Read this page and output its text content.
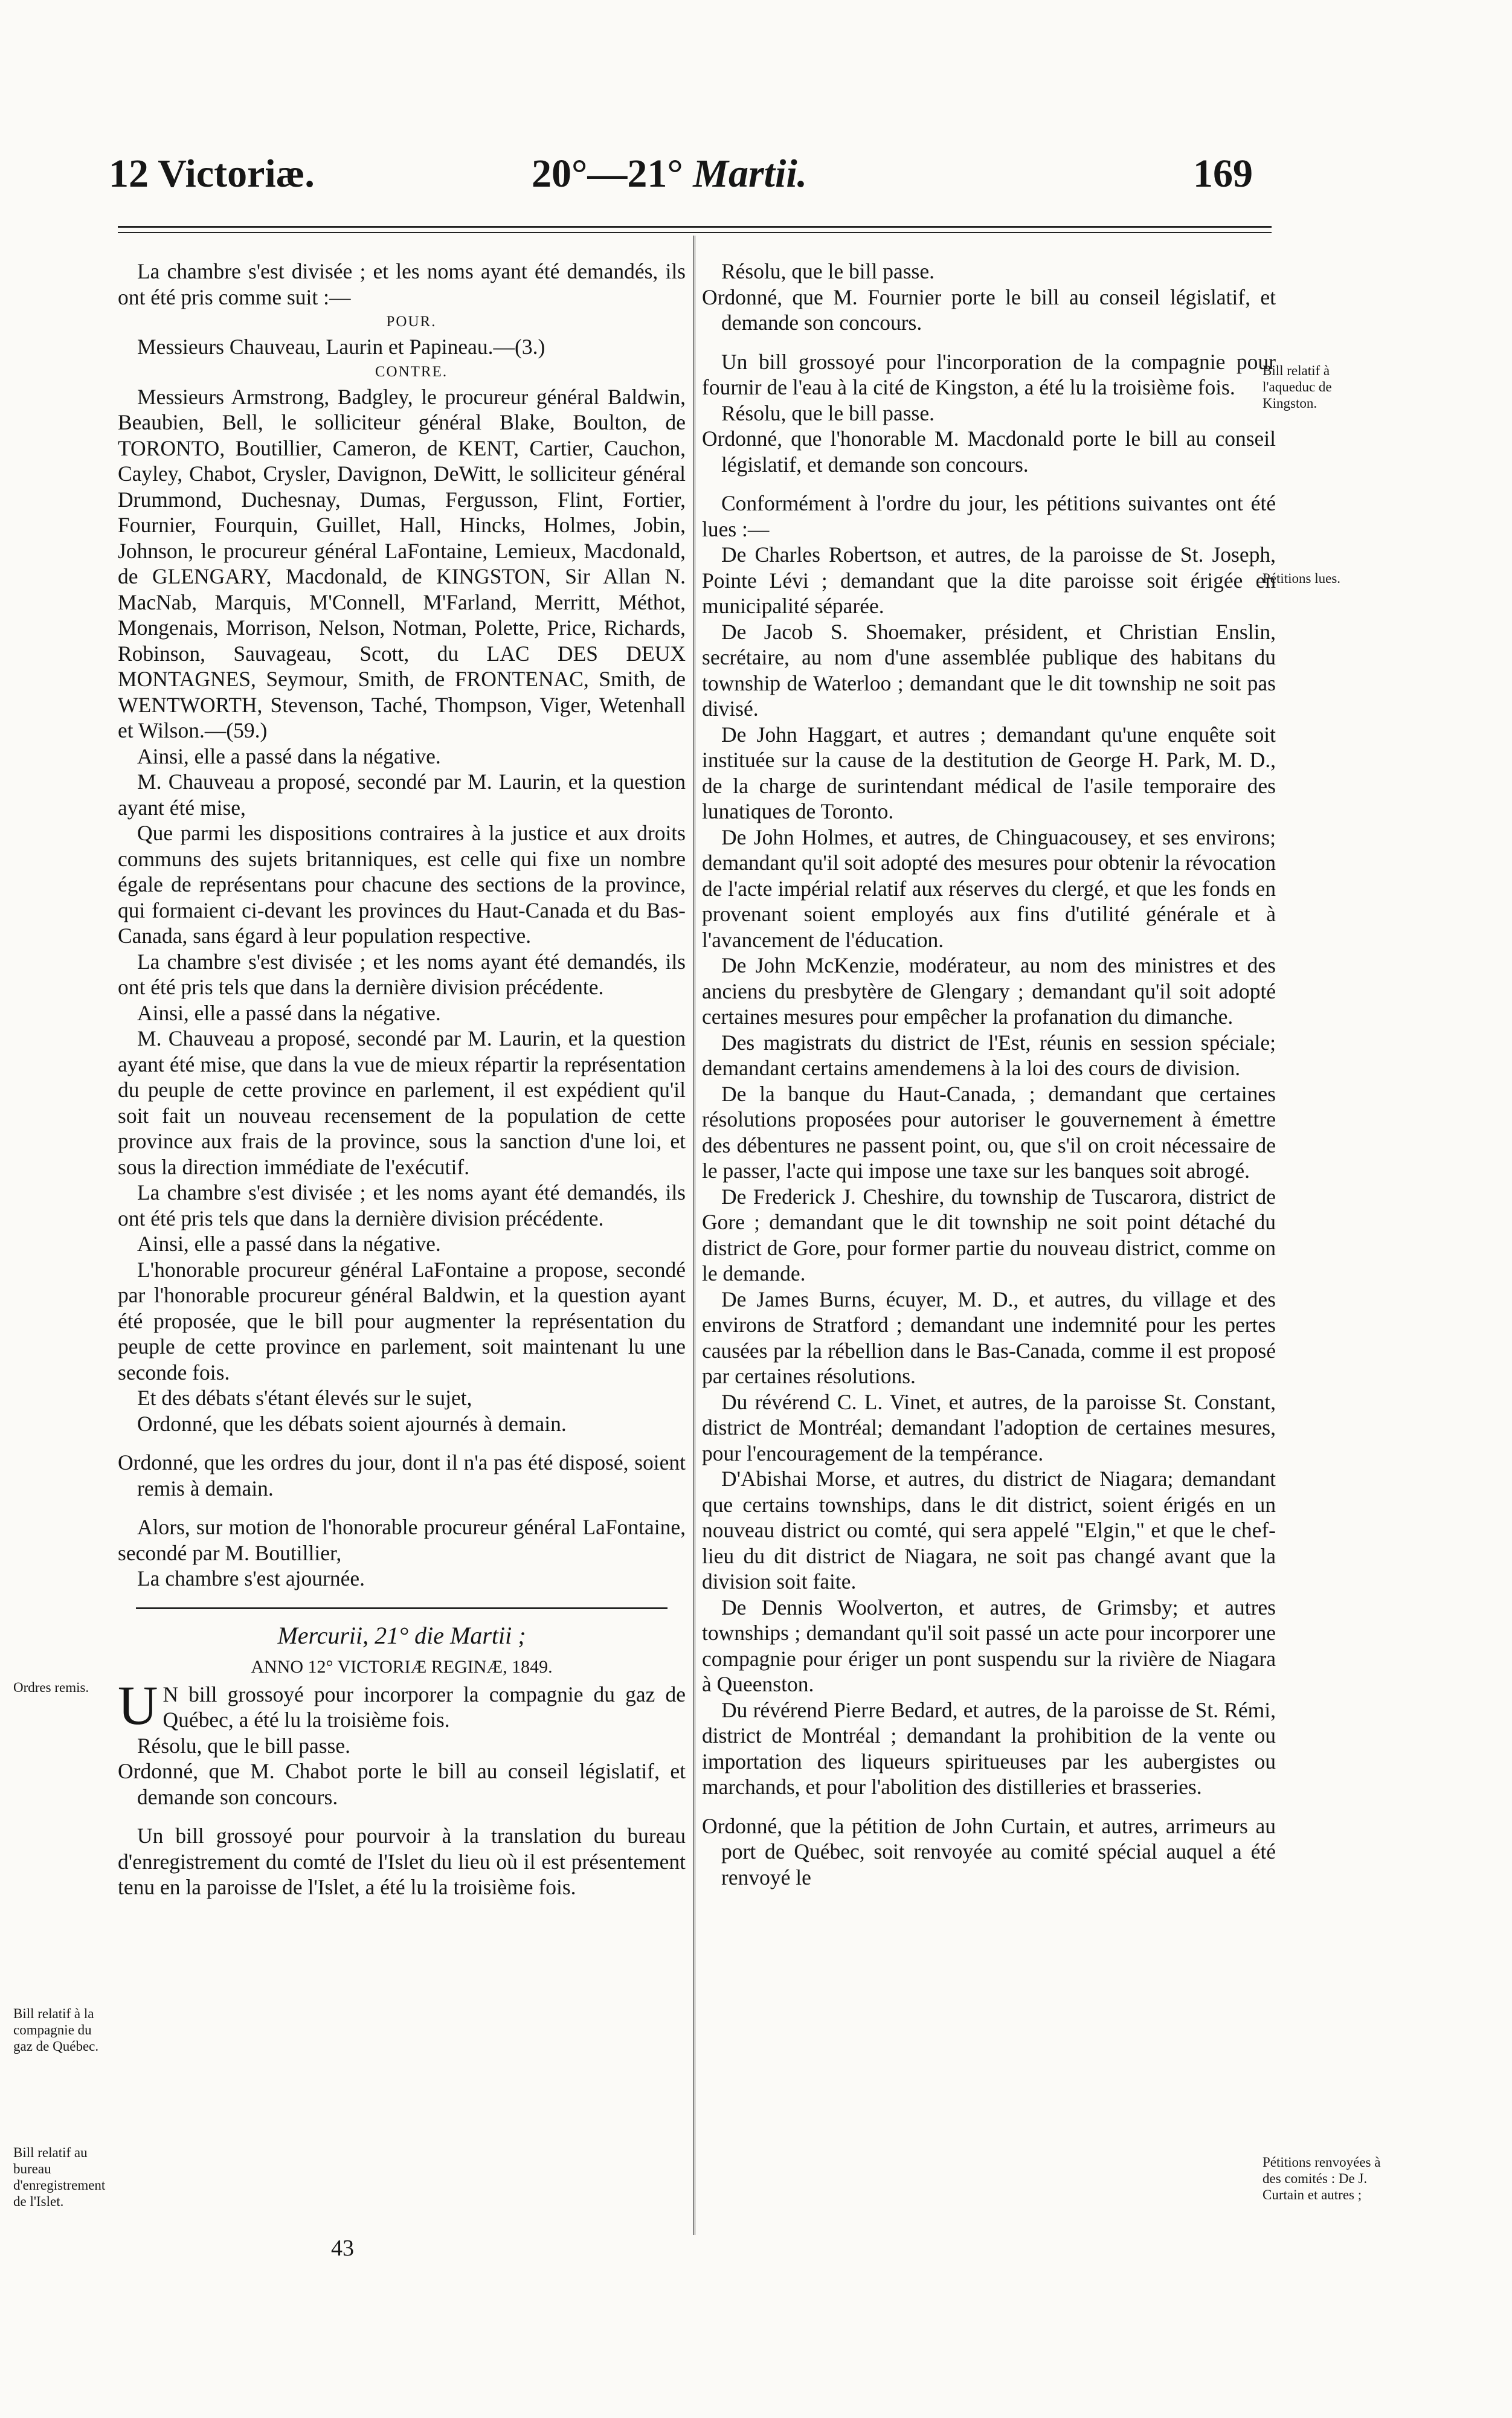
12 Victoriæ.	20°—21° Martii.	169

La chambre s'est divisée ; et les noms ayant été demandés, ils ont été pris comme suit :—

POUR.

Messieurs Chauveau, Laurin et Papineau.—(3.)

CONTRE.

Messieurs Armstrong, Badgley, le procureur général Baldwin, Beaubien, Bell, le solliciteur général Blake, Boulton, de TORONTO, Boutillier, Cameron, de KENT, Cartier, Cauchon, Cayley, Chabot, Crysler, Davignon, DeWitt, le solliciteur général Drummond, Duchesnay, Dumas, Fergusson, Flint, Fortier, Fournier, Fourquin, Guillet, Hall, Hincks, Holmes, Jobin, Johnson, le procureur général LaFontaine, Lemieux, Macdonald, de GLENGARY, Macdonald, de KINGSTON, Sir Allan N. MacNab, Marquis, M'Connell, M'Farland, Merritt, Méthot, Mongenais, Morrison, Nelson, Notman, Polette, Price, Richards, Robinson, Sauvageau, Scott, du LAC DES DEUX MONTAGNES, Seymour, Smith, de FRONTENAC, Smith, de WENTWORTH, Stevenson, Taché, Thompson, Viger, Wetenhall et Wilson.—(59.)

Ainsi, elle a passé dans la négative.

M. Chauveau a proposé, secondé par M. Laurin, et la question ayant été mise,

Que parmi les dispositions contraires à la justice et aux droits communs des sujets britanniques, est celle qui fixe un nombre égale de représentans pour chacune des sections de la province, qui formaient ci-devant les provinces du Haut-Canada et du Bas-Canada, sans égard à leur population respective.

La chambre s'est divisée ; et les noms ayant été demandés, ils ont été pris tels que dans la dernière division précédente.

Ainsi, elle a passé dans la négative.

M. Chauveau a proposé, secondé par M. Laurin, et la question ayant été mise, que dans la vue de mieux répartir la représentation du peuple de cette province en parlement, il est expédient qu'il soit fait un nouveau recensement de la population de cette province aux frais de la province, sous la sanction d'une loi, et sous la direction immédiate de l'exécutif.

La chambre s'est divisée ; et les noms ayant été demandés, ils ont été pris tels que dans la dernière division précédente.

Ainsi, elle a passé dans la négative.

L'honorable procureur général LaFontaine a propose, secondé par l'honorable procureur général Baldwin, et la question ayant été proposée, que le bill pour augmenter la représentation du peuple de cette province en parlement, soit maintenant lu une seconde fois.

Et des débats s'étant élevés sur le sujet,

Ordonné, que les débats soient ajournés à demain.

Ordonné, que les ordres du jour, dont il n'a pas été disposé, soient remis à demain.

Alors, sur motion de l'honorable procureur général LaFontaine, secondé par M. Boutillier,

La chambre s'est ajournée.

Mercurii, 21° die Martii ;

ANNO 12° VICTORIÆ REGINÆ, 1849.

U N bill grossoyé pour incorporer la compagnie du gaz de Québec, a été lu la troisième fois.

Résolu, que le bill passe.

Ordonné, que M. Chabot porte le bill au conseil législatif, et demande son concours.

Un bill grossoyé pour pourvoir à la translation du bureau d'enregistrement du comté de l'Islet du lieu où il est présentement tenu en la paroisse de l'Islet, a été lu la troisième fois.

Résolu, que le bill passe.

Ordonné, que M. Fournier porte le bill au conseil législatif, et demande son concours.

Un bill grossoyé pour l'incorporation de la compagnie pour fournir de l'eau à la cité de Kingston, a été lu la troisième fois.

Résolu, que le bill passe.

Ordonné, que l'honorable M. Macdonald porte le bill au conseil législatif, et demande son concours.

Conformément à l'ordre du jour, les pétitions suivantes ont été lues :—

De Charles Robertson, et autres, de la paroisse de St. Joseph, Pointe Lévi ; demandant que la dite paroisse soit érigée en municipalité séparée.

De Jacob S. Shoemaker, président, et Christian Enslin, secrétaire, au nom d'une assemblée publique des habitans du township de Waterloo ; demandant que le dit township ne soit pas divisé.

De John Haggart, et autres ; demandant qu'une enquête soit instituée sur la cause de la destitution de George H. Park, M. D., de la charge de surintendant médical de l'asile temporaire des lunatiques de Toronto.

De John Holmes, et autres, de Chinguacousey, et ses environs; demandant qu'il soit adopté des mesures pour obtenir la révocation de l'acte impérial relatif aux réserves du clergé, et que les fonds en provenant soient employés aux fins d'utilité générale et à l'avancement de l'éducation.

De John McKenzie, modérateur, au nom des ministres et des anciens du presbytère de Glengary ; demandant qu'il soit adopté certaines mesures pour empêcher la profanation du dimanche.

Des magistrats du district de l'Est, réunis en session spéciale; demandant certains amendemens à la loi des cours de division.

De la banque du Haut-Canada, ; demandant que certaines résolutions proposées pour autoriser le gouvernement à émettre des débentures ne passent point, ou, que s'il on croit nécessaire de le passer, l'acte qui impose une taxe sur les banques soit abrogé.

De Frederick J. Cheshire, du township de Tuscarora, district de Gore ; demandant que le dit township ne soit point détaché du district de Gore, pour former partie du nouveau district, comme on le demande.

De James Burns, écuyer, M. D., et autres, du village et des environs de Stratford ; demandant une indemnité pour les pertes causées par la rébellion dans le Bas-Canada, comme il est proposé par certaines résolutions.

Du révérend C. L. Vinet, et autres, de la paroisse St. Constant, district de Montréal; demandant l'adoption de certaines mesures, pour l'encouragement de la tempérance.

D'Abishai Morse, et autres, du district de Niagara; demandant que certains townships, dans le dit district, soient érigés en un nouveau district ou comté, qui sera appelé "Elgin," et que le chef-lieu du dit district de Niagara, ne soit pas changé avant que la division soit faite.

De Dennis Woolverton, et autres, de Grimsby; et autres townships ; demandant qu'il soit passé un acte pour incorporer une compagnie pour ériger un pont suspendu sur la rivière de Niagara à Queenston.

Du révérend Pierre Bedard, et autres, de la paroisse de St. Rémi, district de Montréal ; demandant la prohibition de la vente ou importation des liqueurs spiritueuses par les aubergistes ou marchands, et pour l'abolition des distilleries et brasseries.

Ordonné, que la pétition de John Curtain, et autres, arrimeurs au port de Québec, soit renvoyée au comité spécial auquel a été renvoyé le

Ordres remis.
Bill relatif à la compagnie du gaz de Québec.
Bill relatif au bureau d'enregistrement de l'Islet.
Bill relatif à l'aqueduc de Kingston.
Pétitions lues.
Pétitions renvoyées à des comités : De J. Curtain et autres ;
43
